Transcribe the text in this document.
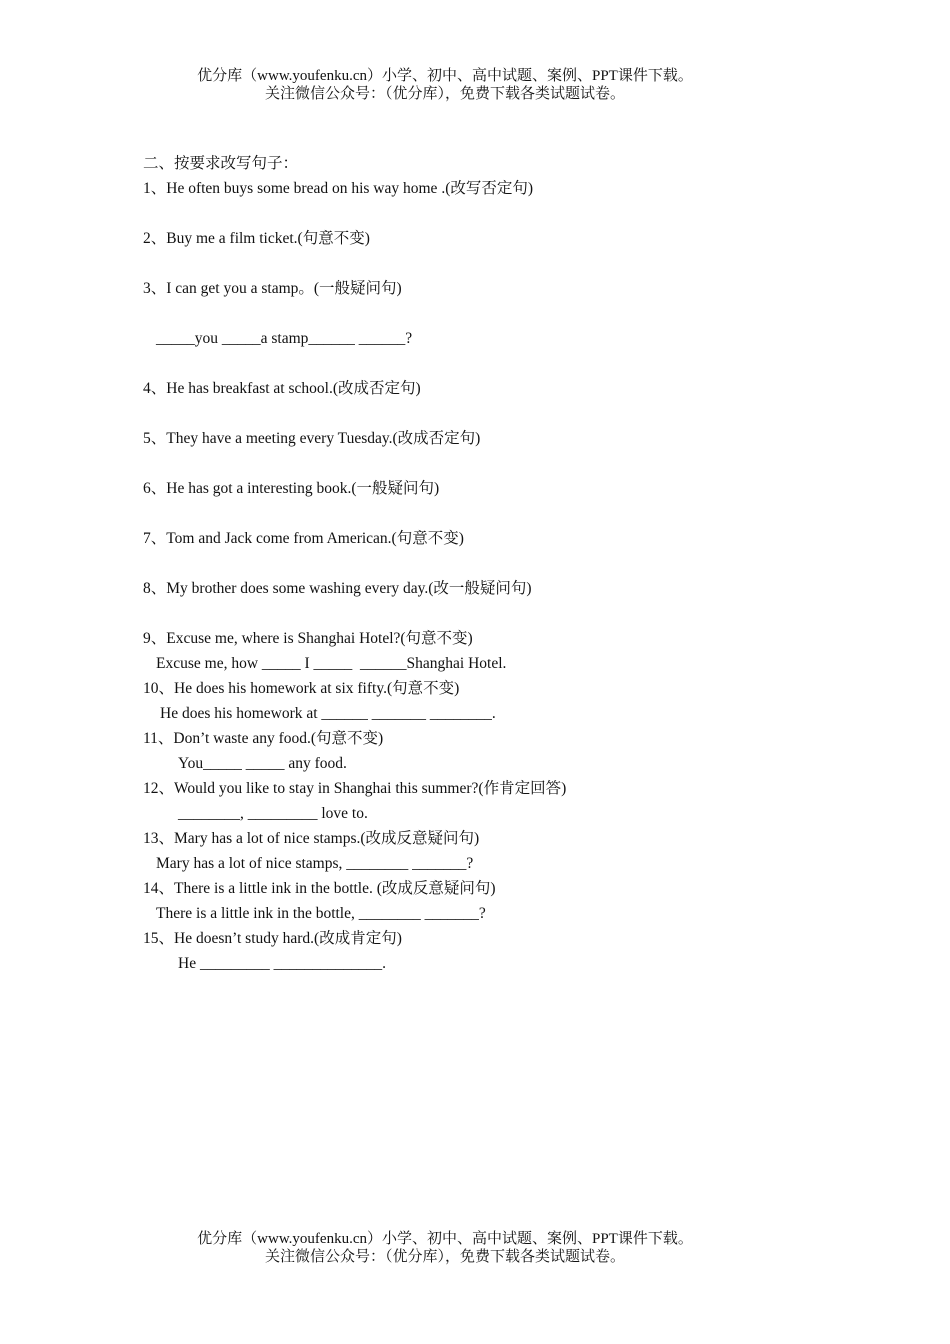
优分库（www.youfenku.cn）小学、初中、高中试题、案例、PPT课件下载。
关注微信公众号：（优分库），免费下载各类试题试卷。
二、按要求改写句子：
1、He often buys some bread on his way home .(改写否定句)
2、Buy me a film ticket.(句意不变)
3、I can get you a stamp。(一般疑问句)
_____you _____a stamp______ ______?
4、He has breakfast at school.(改成否定句)
5、They have a meeting every Tuesday.(改成否定句)
6、He has got a interesting book.(一般疑问句)
7、Tom and Jack come from American.(句意不变)
8、My brother does some washing every day.(改一般疑问句)
9、Excuse me, where is Shanghai Hotel?(句意不变)
Excuse me, how _____ I _____  ______Shanghai Hotel.
10、He does his homework at six fifty.(句意不变)
He does his homework at ______ _______ ________.
11、Don’t waste any food.(句意不变)
You_____ _____ any food.
12、Would you like to stay in Shanghai this summer?(作肯定回答)
________, _________ love to.
13、Mary has a lot of nice stamps.(改成反意疑问句)
Mary has a lot of nice stamps, ________ _______?
14、There is a little ink in the bottle. (改成反意疑问句)
There is a little ink in the bottle, ________ _______?
15、He doesn’t study hard.(改成肯定句)
He _________ ______________.
优分库（www.youfenku.cn）小学、初中、高中试题、案例、PPT课件下载。
关注微信公众号：（优分库），免费下载各类试题试卷。
